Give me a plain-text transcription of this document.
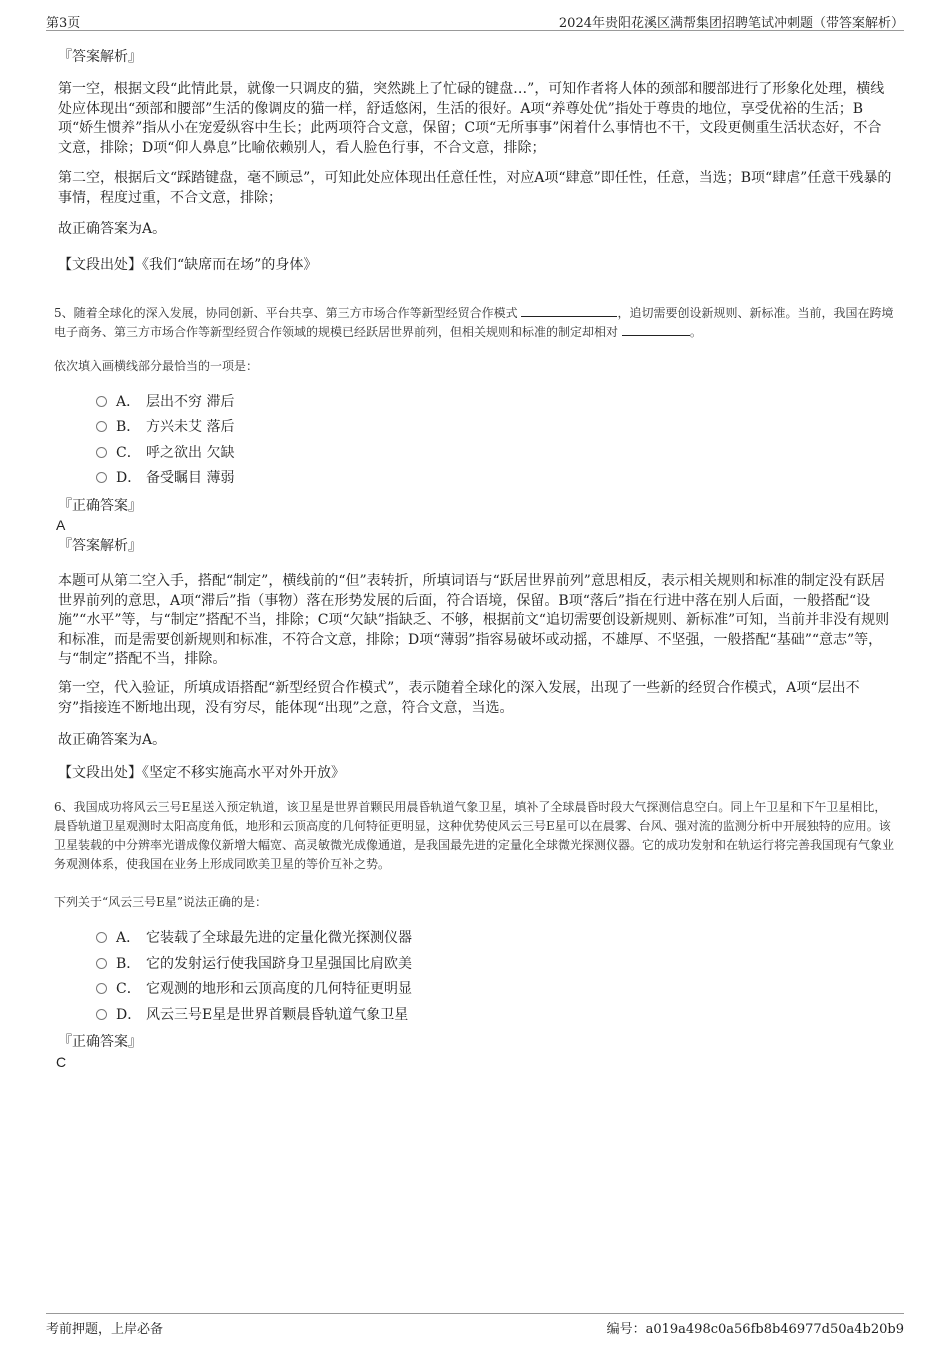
第3页	2024年贵阳花溪区满帮集团招聘笔试冲刺题（带答案解析）
『答案解析』

第一空，根据文段“此情此景，就像一只调皮的猫，突然跳上了忙碌的键盘…”，可知作者将人体的颈部和腰部进行了形象化处理，横线处应体现出“颈部和腰部”生活的像调皮的猫一样，舒适悠闲，生活的很好。A项“养尊处优”指处于尊贵的地位，享受优裕的生活；B项“娇生惯养”指从小在宠爱纵容中生长；此两项符合文意，保留；C项“无所事事”闲着什么事情也不干，文段更侧重生活状态好，不合文意，排除；D项“仰人鼻息”比喻依赖别人，看人脸色行事，不合文意，排除；

第二空，根据后文“踩踏键盘，毫不顾忌”，可知此处应体现出任意任性，对应A项“肆意”即任性，任意，当选；B项“肆虐”任意干残暴的事情，程度过重，不合文意，排除；

故正确答案为A。

【文段出处】《我们“缺席而在场”的身体》

5、随着全球化的深入发展，协同创新、平台共享、第三方市场合作等新型经贸合作模式	，追切需要创设新规则、新标准。当前，我国在跨境电子商务、第三方市场合作等新型经贸合作领域的规模已经跃居世界前列，但相关规则和标准的制定却相对	。

依次填入画横线部分最恰当的一项是：

A． 层出不穷 滞后
B． 方兴未艾 落后
C． 呼之欲出 欠缺
D． 备受瞩目 薄弱

『正确答案』

A

『答案解析』

本题可从第二空入手，搭配“制定”，横线前的“但”表转折，所填词语与“跃居世界前列”意思相反，表示相关规则和标准的制定没有跃居世界前列的意思，A项“滞后”指（事物）落在形势发展的后面，符合语境，保留。B项“落后”指在行进中落在别人后面，一般搭配“设施”“水平”等，与“制定”搭配不当，排除；C项“欠缺”指缺乏、不够，根据前文“追切需要创设新规则、新标准”可知，当前并非没有规则和标准，而是需要创新规则和标准，不符合文意，排除；D项“薄弱”指容易破坏或动摇，不雄厚、不坚强，一般搭配“基础”“意志”等，与“制定”搭配不当，排除。

第一空，代入验证，所填成语搭配“新型经贸合作模式”，表示随着全球化的深入发展，出现了一些新的经贸合作模式，A项“层出不穷”指接连不断地出现，没有穷尽，能体现“出现”之意，符合文意，当选。

故正确答案为A。

【文段出处】《坚定不移实施高水平对外开放》

6、我国成功将风云三号E星送入预定轨道，该卫星是世界首颗民用晨昏轨道气象卫星，填补了全球晨昏时段大气探测信息空白。同上午卫星和下午卫星相比，晨昏轨道卫星观测时太阳高度角低，地形和云顶高度的几何特征更明显，这种优势使风云三号E星可以在晨雾、台风、强对流的监测分析中开展独特的应用。该卫星装载的中分辨率光谱成像仪新增大幅宽、高灵敏微光成像通道，是我国最先进的定量化全球微光探测仪器。它的成功发射和在轨运行将完善我国现有气象业务观测体系，使我国在业务上形成同欧美卫星的等价互补之势。

下列关于“风云三号E星”说法正确的是：

A． 它装载了全球最先进的定量化微光探测仪器
B． 它的发射运行使我国跻身卫星强国比肩欧美
C． 它观测的地形和云顶高度的几何特征更明显
D． 风云三号E星是世界首颗晨昏轨道气象卫星

『正确答案』

C

考前押题，上岸必备	编号：a019a498c0a56fb8b46977d50a4b20b9
